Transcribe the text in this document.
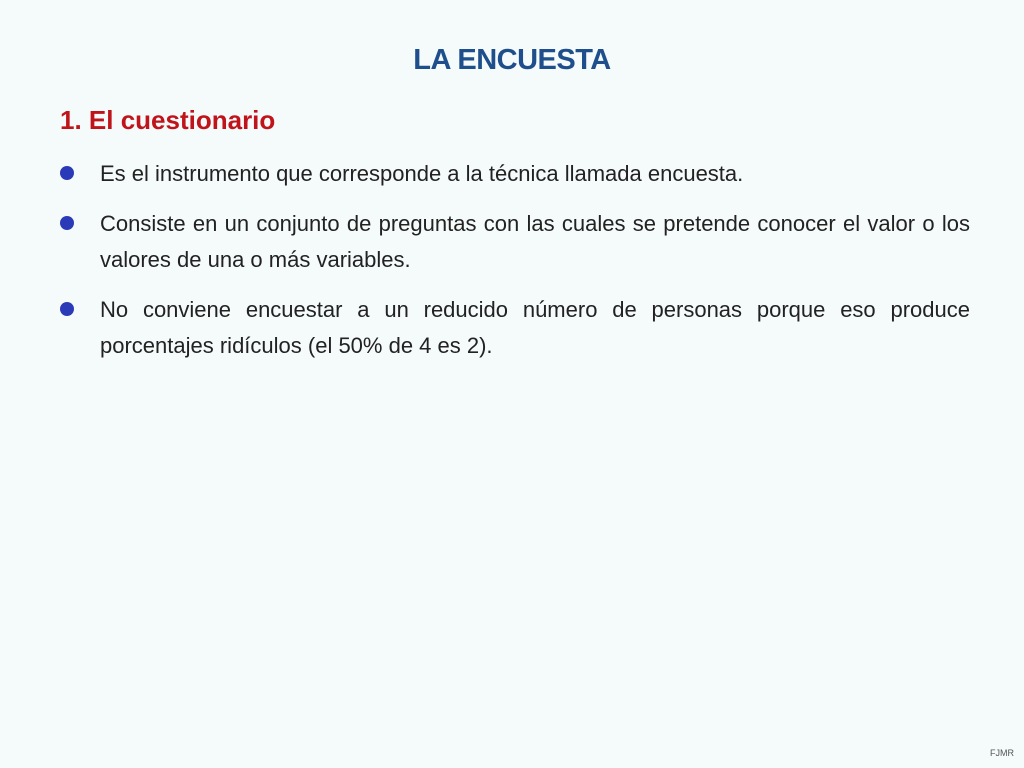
LA ENCUESTA
1. El cuestionario
Es el instrumento que corresponde a la técnica llamada encuesta.
Consiste en un conjunto de preguntas con las cuales se pretende conocer el valor o los valores de una o más variables.
No conviene encuestar a un reducido número de personas porque eso produce porcentajes ridículos (el 50% de 4 es 2).
FJMR
